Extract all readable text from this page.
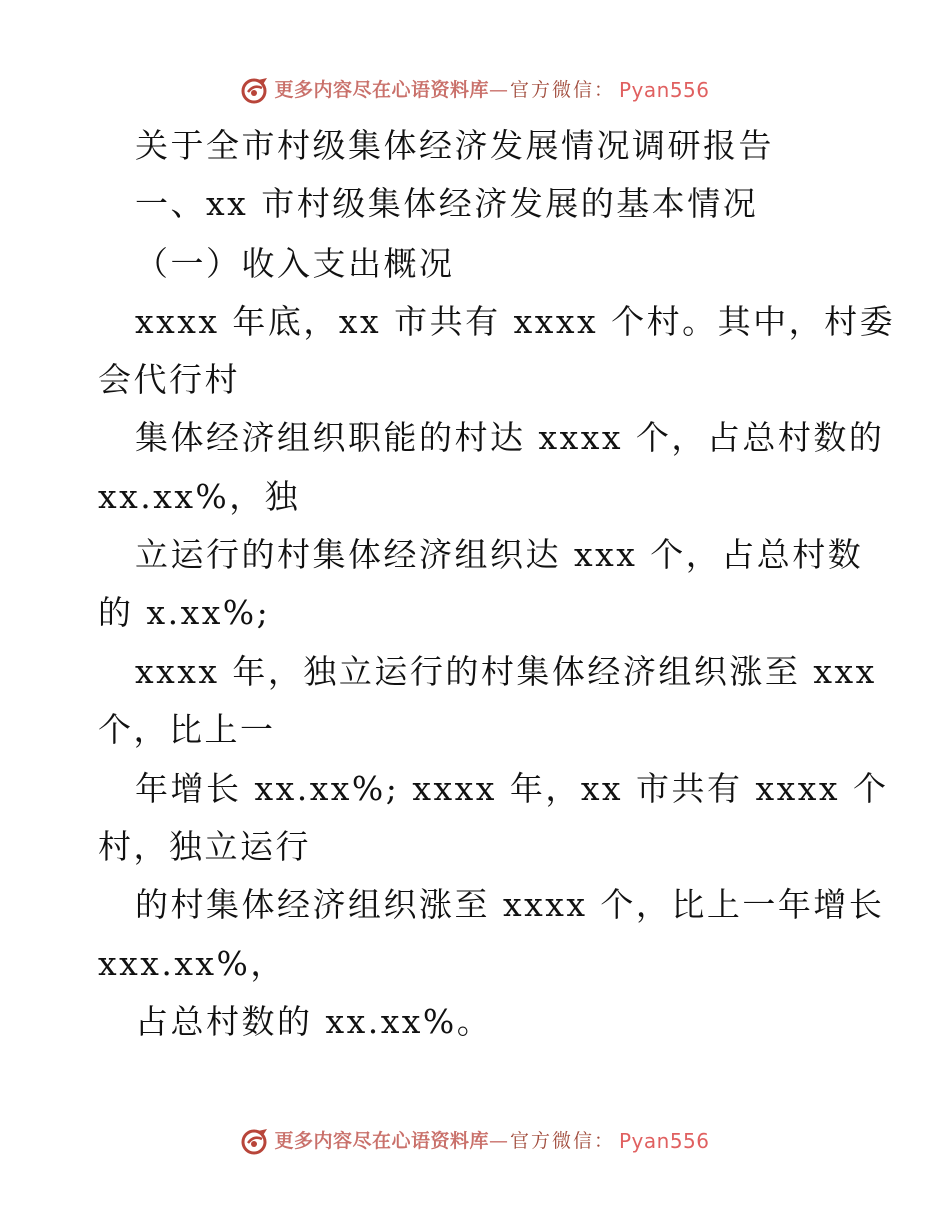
更多内容尽在心语资料库 — 官方微信： Pyan556
关于全市村级集体经济发展情况调研报告
一、xx 市村级集体经济发展的基本情况
（一）收入支出概况
xxxx 年底，xx 市共有 xxxx 个村。其中，村委
会代行村
集体经济组织职能的村达 xxxx 个，占总村数的
xx.xx%，独
立运行的村集体经济组织达 xxx 个，占总村数
的 x.xx%;
xxxx 年，独立运行的村集体经济组织涨至 xxx
个，比上一
年增长 xx.xx%; xxxx 年，xx 市共有 xxxx 个
村，独立运行
的村集体经济组织涨至 xxxx 个，比上一年增长
xxx.xx%，
占总村数的 xx.xx%。
更多内容尽在心语资料库 — 官方微信： Pyan556
